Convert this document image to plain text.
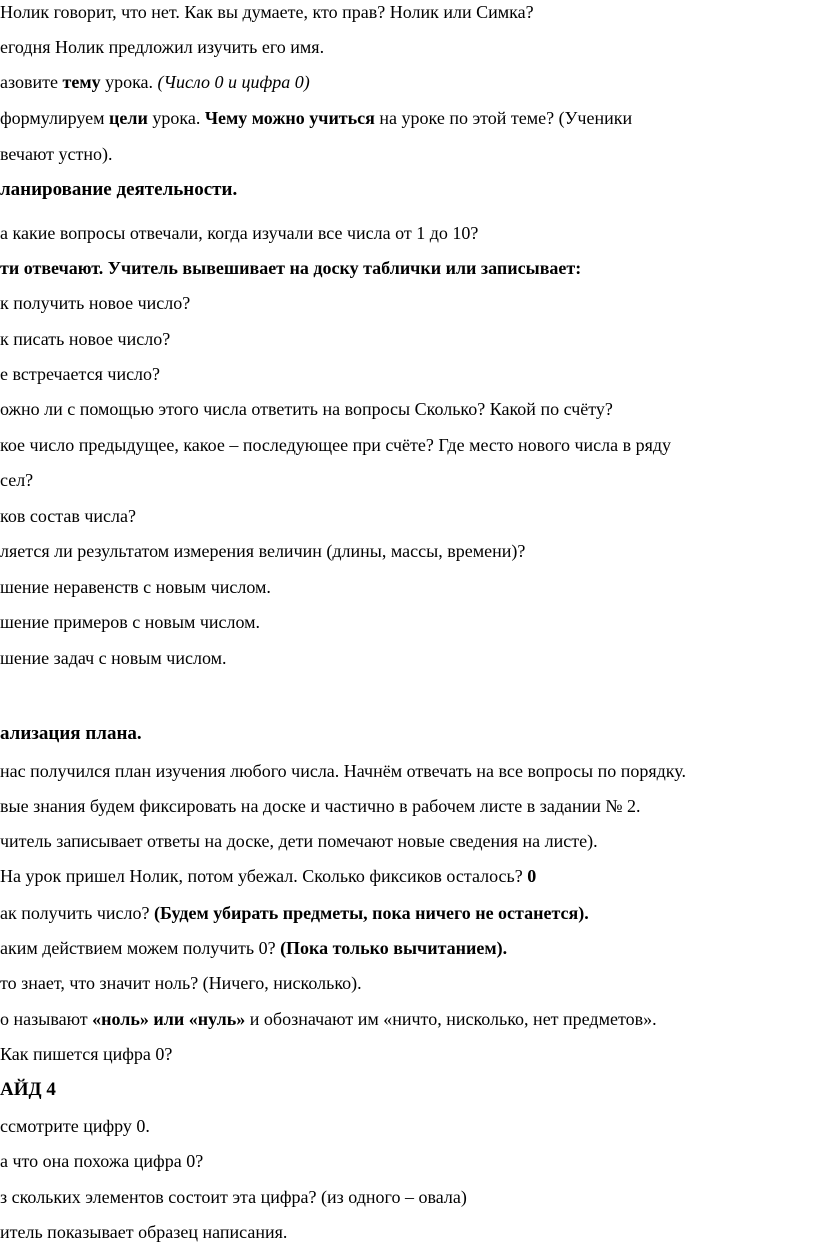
Нолик говорит, что нет. Как вы думаете, кто прав? Нолик или Симка?
егодня Нолик предложил изучить его имя.
азовите тему урока. (Число 0 и цифра 0)
формулируем цели урока. Чему можно учиться на уроке по этой теме? (Ученики
вечают устно).
ланирование деятельности.
а какие вопросы отвечали, когда изучали все числа от 1 до 10?
ти отвечают. Учитель вывешивает на доску таблички или записывает:
к получить новое число?
к писать новое число?
е встречается число?
ожно ли с помощью этого числа ответить на вопросы Сколько? Какой по счёту?
кое число предыдущее, какое – последующее при счёте? Где место нового числа в ряду
сел?
ков состав числа?
ляется ли результатом измерения величин (длины, массы, времени)?
шение неравенств с новым числом.
шение примеров с новым числом.
шение задач с новым числом.
ализация плана.
нас получился план изучения любого числа. Начнём отвечать на все вопросы по порядку.
вые знания будем фиксировать на доске и частично в рабочем листе в задании № 2.
читель записывает ответы на доске, дети помечают новые сведения на листе).
На урок пришел Нолик, потом убежал. Сколько фиксиков осталось? 0
ак получить число? (Будем убирать предметы, пока ничего не останется).
аким действием можем получить 0? (Пока только вычитанием).
то знает, что значит ноль? (Ничего, нисколько).
о называют «ноль» или «нуль» и обозначают им «ничто, нисколько, нет предметов».
Как пишется цифра 0?
АЙД 4
ссмотрите цифру 0.
а что она похожа цифра 0?
з скольких элементов состоит эта цифра? (из одного – овала)
итель показывает образец написания.
